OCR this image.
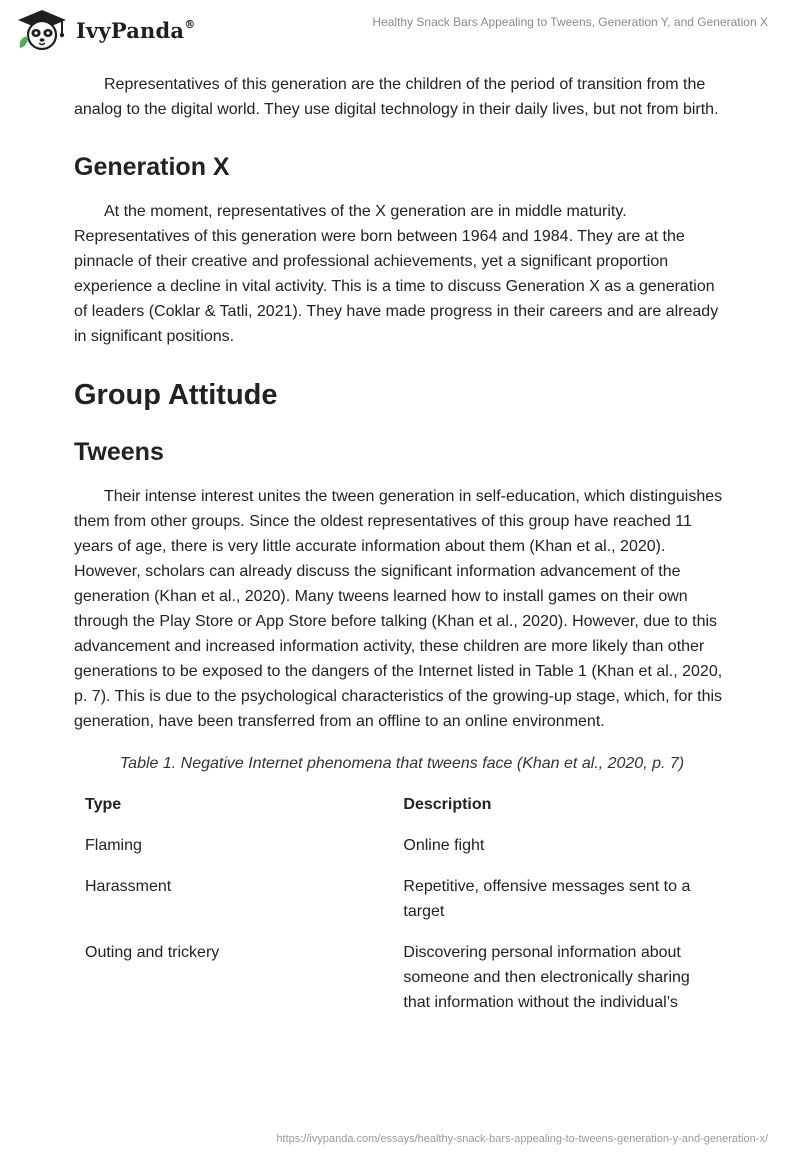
IvyPanda®	Healthy Snack Bars Appealing to Tweens, Generation Y, and Generation X

Representatives of this generation are the children of the period of transition from the analog to the digital world. They use digital technology in their daily lives, but not from birth.

Generation X

At the moment, representatives of the X generation are in middle maturity. Representatives of this generation were born between 1964 and 1984. They are at the pinnacle of their creative and professional achievements, yet a significant proportion experience a decline in vital activity. This is a time to discuss Generation X as a generation of leaders (Coklar & Tatli, 2021). They have made progress in their careers and are already in significant positions.

Group Attitude
Tweens

Their intense interest unites the tween generation in self-education, which distinguishes them from other groups. Since the oldest representatives of this group have reached 11 years of age, there is very little accurate information about them (Khan et al., 2020). However, scholars can already discuss the significant information advancement of the generation (Khan et al., 2020). Many tweens learned how to install games on their own through the Play Store or App Store before talking (Khan et al., 2020). However, due to this advancement and increased information activity, these children are more likely than other generations to be exposed to the dangers of the Internet listed in Table 1 (Khan et al., 2020, p. 7). This is due to the psychological characteristics of the growing-up stage, which, for this generation, have been transferred from an offline to an online environment.

Table 1. Negative Internet phenomena that tweens face (Khan et al., 2020, p. 7)

Type	Description
Flaming	Online fight
Harassment	Repetitive, offensive messages sent to a target
Outing and trickery	Discovering personal information about someone and then electronically sharing that information without the individual’s
https://ivypanda.com/essays/healthy-snack-bars-appealing-to-tweens-generation-y-and-generation-x/
